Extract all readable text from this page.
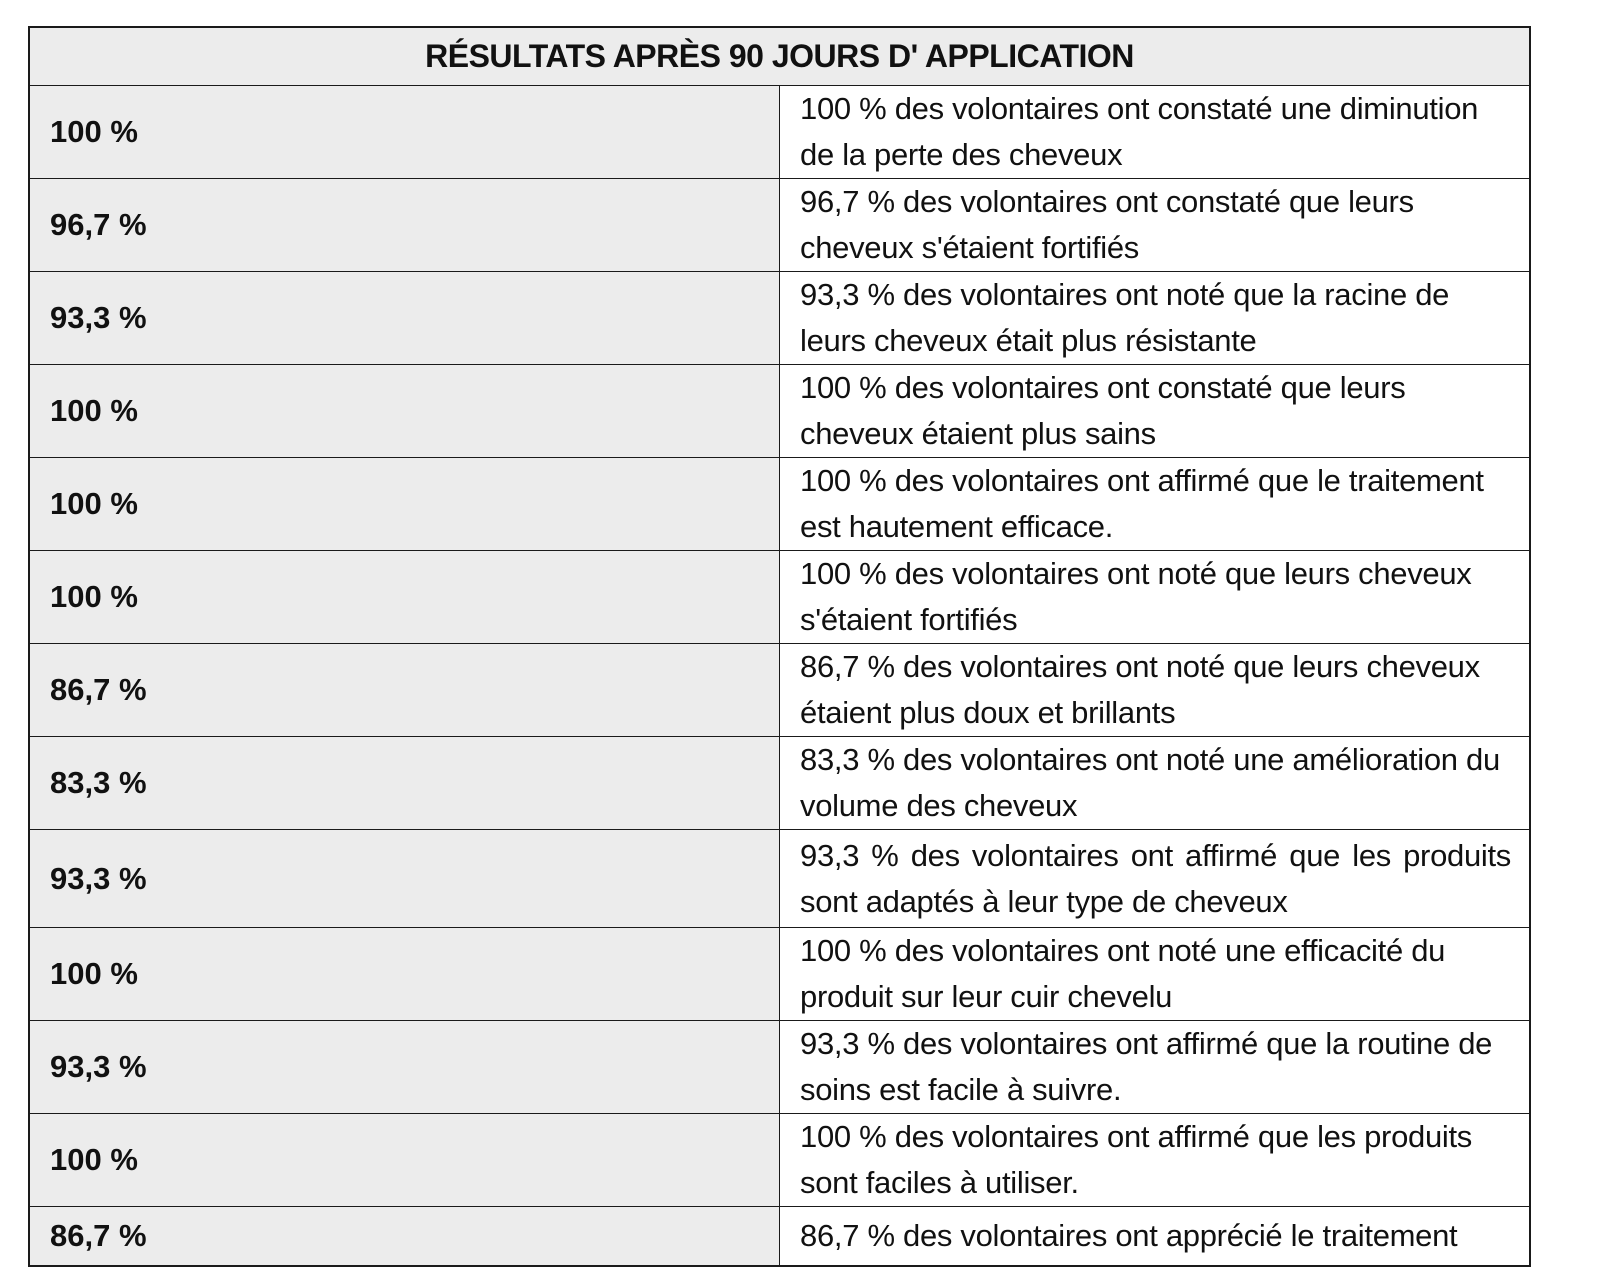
RÉSULTATS APRÈS 90 JOURS D' APPLICATION	
100 %	100 % des volontaires ont constaté une diminution de la perte des cheveux
96,7 %	96,7 % des volontaires ont constaté que leurs cheveux s'étaient fortifiés
93,3 %	93,3 % des volontaires ont noté que la racine de leurs cheveux était plus résistante
100 %	100 % des volontaires ont constaté que leurs cheveux étaient plus sains
100 %	100 % des volontaires ont affirmé que le traitement est hautement efficace.
100 %	100 % des volontaires ont noté que leurs cheveux s'étaient fortifiés
86,7 %	86,7 % des volontaires ont noté que leurs cheveux étaient plus doux et brillants
83,3 %	83,3 % des volontaires ont noté une amélioration du volume des cheveux
93,3 %	93,3 % des volontaires ont affirmé que les produits sont adaptés à leur type de cheveux
100 %	100 % des volontaires ont noté une efficacité du produit sur leur cuir chevelu
93,3 %	93,3 % des volontaires ont affirmé que la routine de soins est facile à suivre.
100 %	100 % des volontaires ont affirmé que les produits sont faciles à utiliser.
86,7 %	86,7 % des volontaires ont apprécié le traitement
